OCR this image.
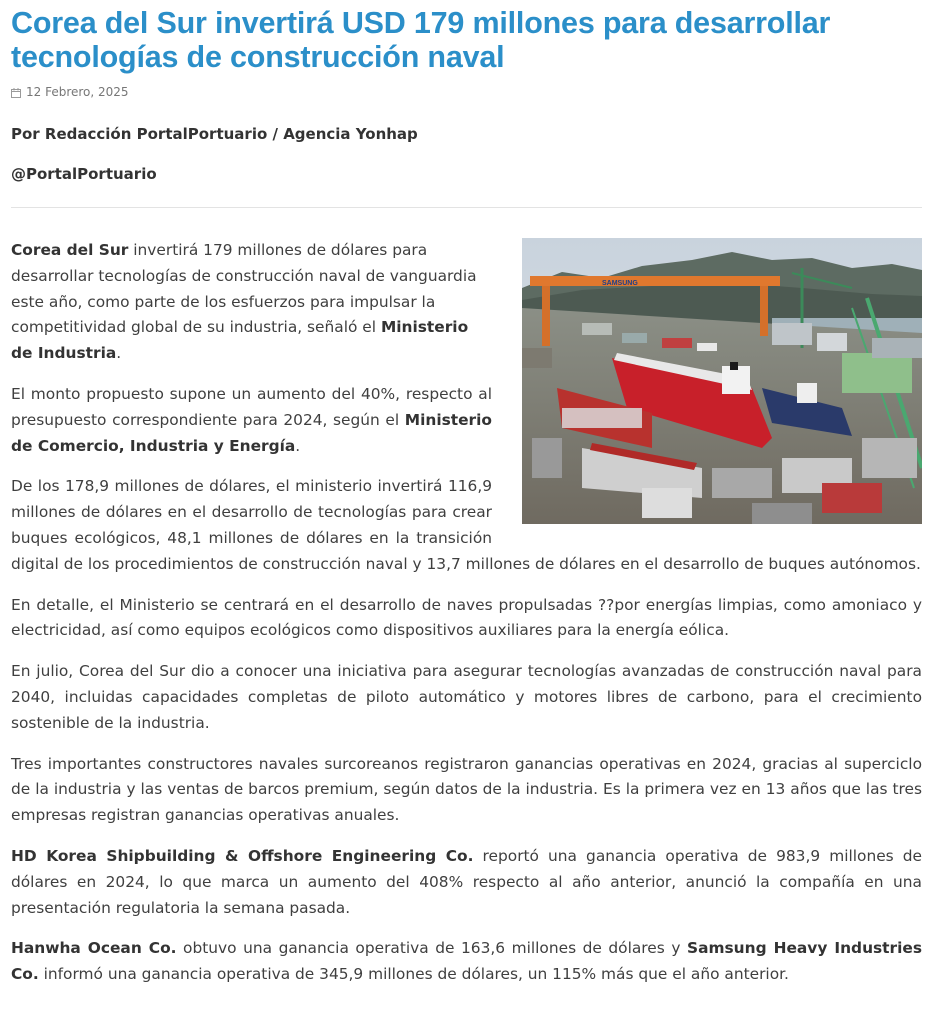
Corea del Sur invertirá USD 179 millones para desarrollar tecnologías de construcción naval
12 Febrero, 2025
Por Redacción PortalPortuario / Agencia Yonhap
@PortalPortuario
SAMSUNG

Corea del Sur invertirá 179 millones de dólares para desarrollar tecnologías de construcción naval de vanguardia este año, como parte de los esfuerzos para impulsar la competitividad global de su industria, señaló el Ministerio de Industria.

El monto propuesto supone un aumento del 40%, respecto al presupuesto correspondiente para 2024, según el Ministerio de Comercio, Industria y Energía.

De los 178,9 millones de dólares, el ministerio invertirá 116,9 millones de dólares en el desarrollo de tecnologías para crear buques ecológicos, 48,1 millones de dólares en la transición digital de los procedimientos de construcción naval y 13,7 millones de dólares en el desarrollo de buques autónomos.

En detalle, el Ministerio se centrará en el desarrollo de naves propulsadas ??por energías limpias, como amoniaco y electricidad, así como equipos ecológicos como dispositivos auxiliares para la energía eólica.

En julio, Corea del Sur dio a conocer una iniciativa para asegurar tecnologías avanzadas de construcción naval para 2040, incluidas capacidades completas de piloto automático y motores libres de carbono, para el crecimiento sostenible de la industria.

Tres importantes constructores navales surcoreanos registraron ganancias operativas en 2024, gracias al superciclo de la industria y las ventas de barcos premium, según datos de la industria. Es la primera vez en 13 años que las tres empresas registran ganancias operativas anuales.

HD Korea Shipbuilding & Offshore Engineering Co. reportó una ganancia operativa de 983,9 millones de dólares en 2024, lo que marca un aumento del 408% respecto al año anterior, anunció la compañía en una presentación regulatoria la semana pasada.

Hanwha Ocean Co. obtuvo una ganancia operativa de 163,6 millones de dólares y Samsung Heavy Industries Co. informó una ganancia operativa de 345,9 millones de dólares, un 115% más que el año anterior.
